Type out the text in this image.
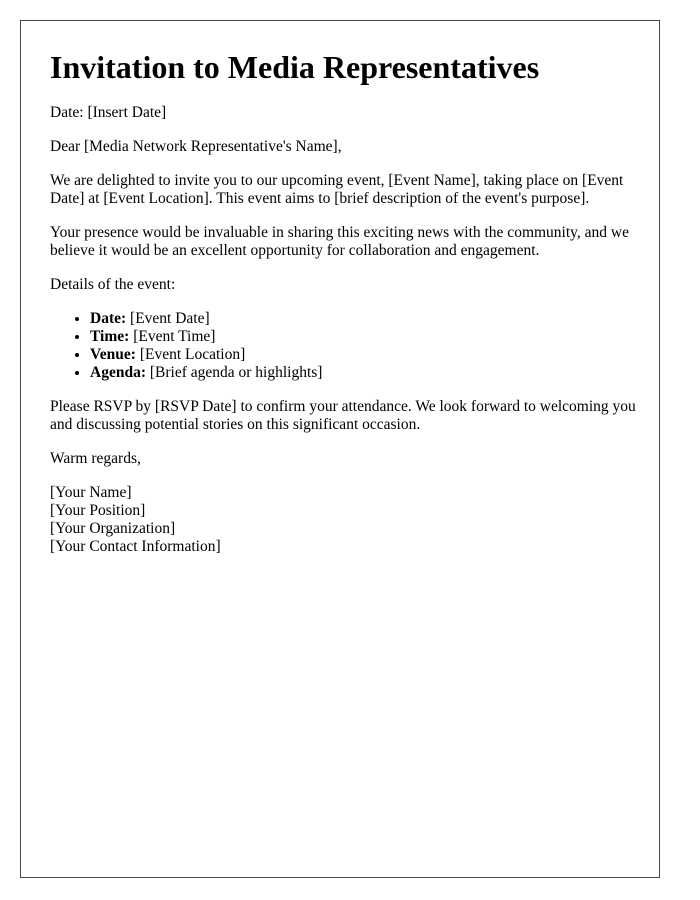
Invitation to Media Representatives

Date: [Insert Date]

Dear [Media Network Representative's Name],

We are delighted to invite you to our upcoming event, [Event Name], taking place on [Event Date] at [Event Location]. This event aims to [brief description of the event's purpose].

Your presence would be invaluable in sharing this exciting news with the community, and we believe it would be an excellent opportunity for collaboration and engagement.

Details of the event:

• Date: [Event Date]
• Time: [Event Time]
• Venue: [Event Location]
• Agenda: [Brief agenda or highlights]

Please RSVP by [RSVP Date] to confirm your attendance. We look forward to welcoming you and discussing potential stories on this significant occasion.

Warm regards,

[Your Name]
[Your Position]
[Your Organization]
[Your Contact Information]
